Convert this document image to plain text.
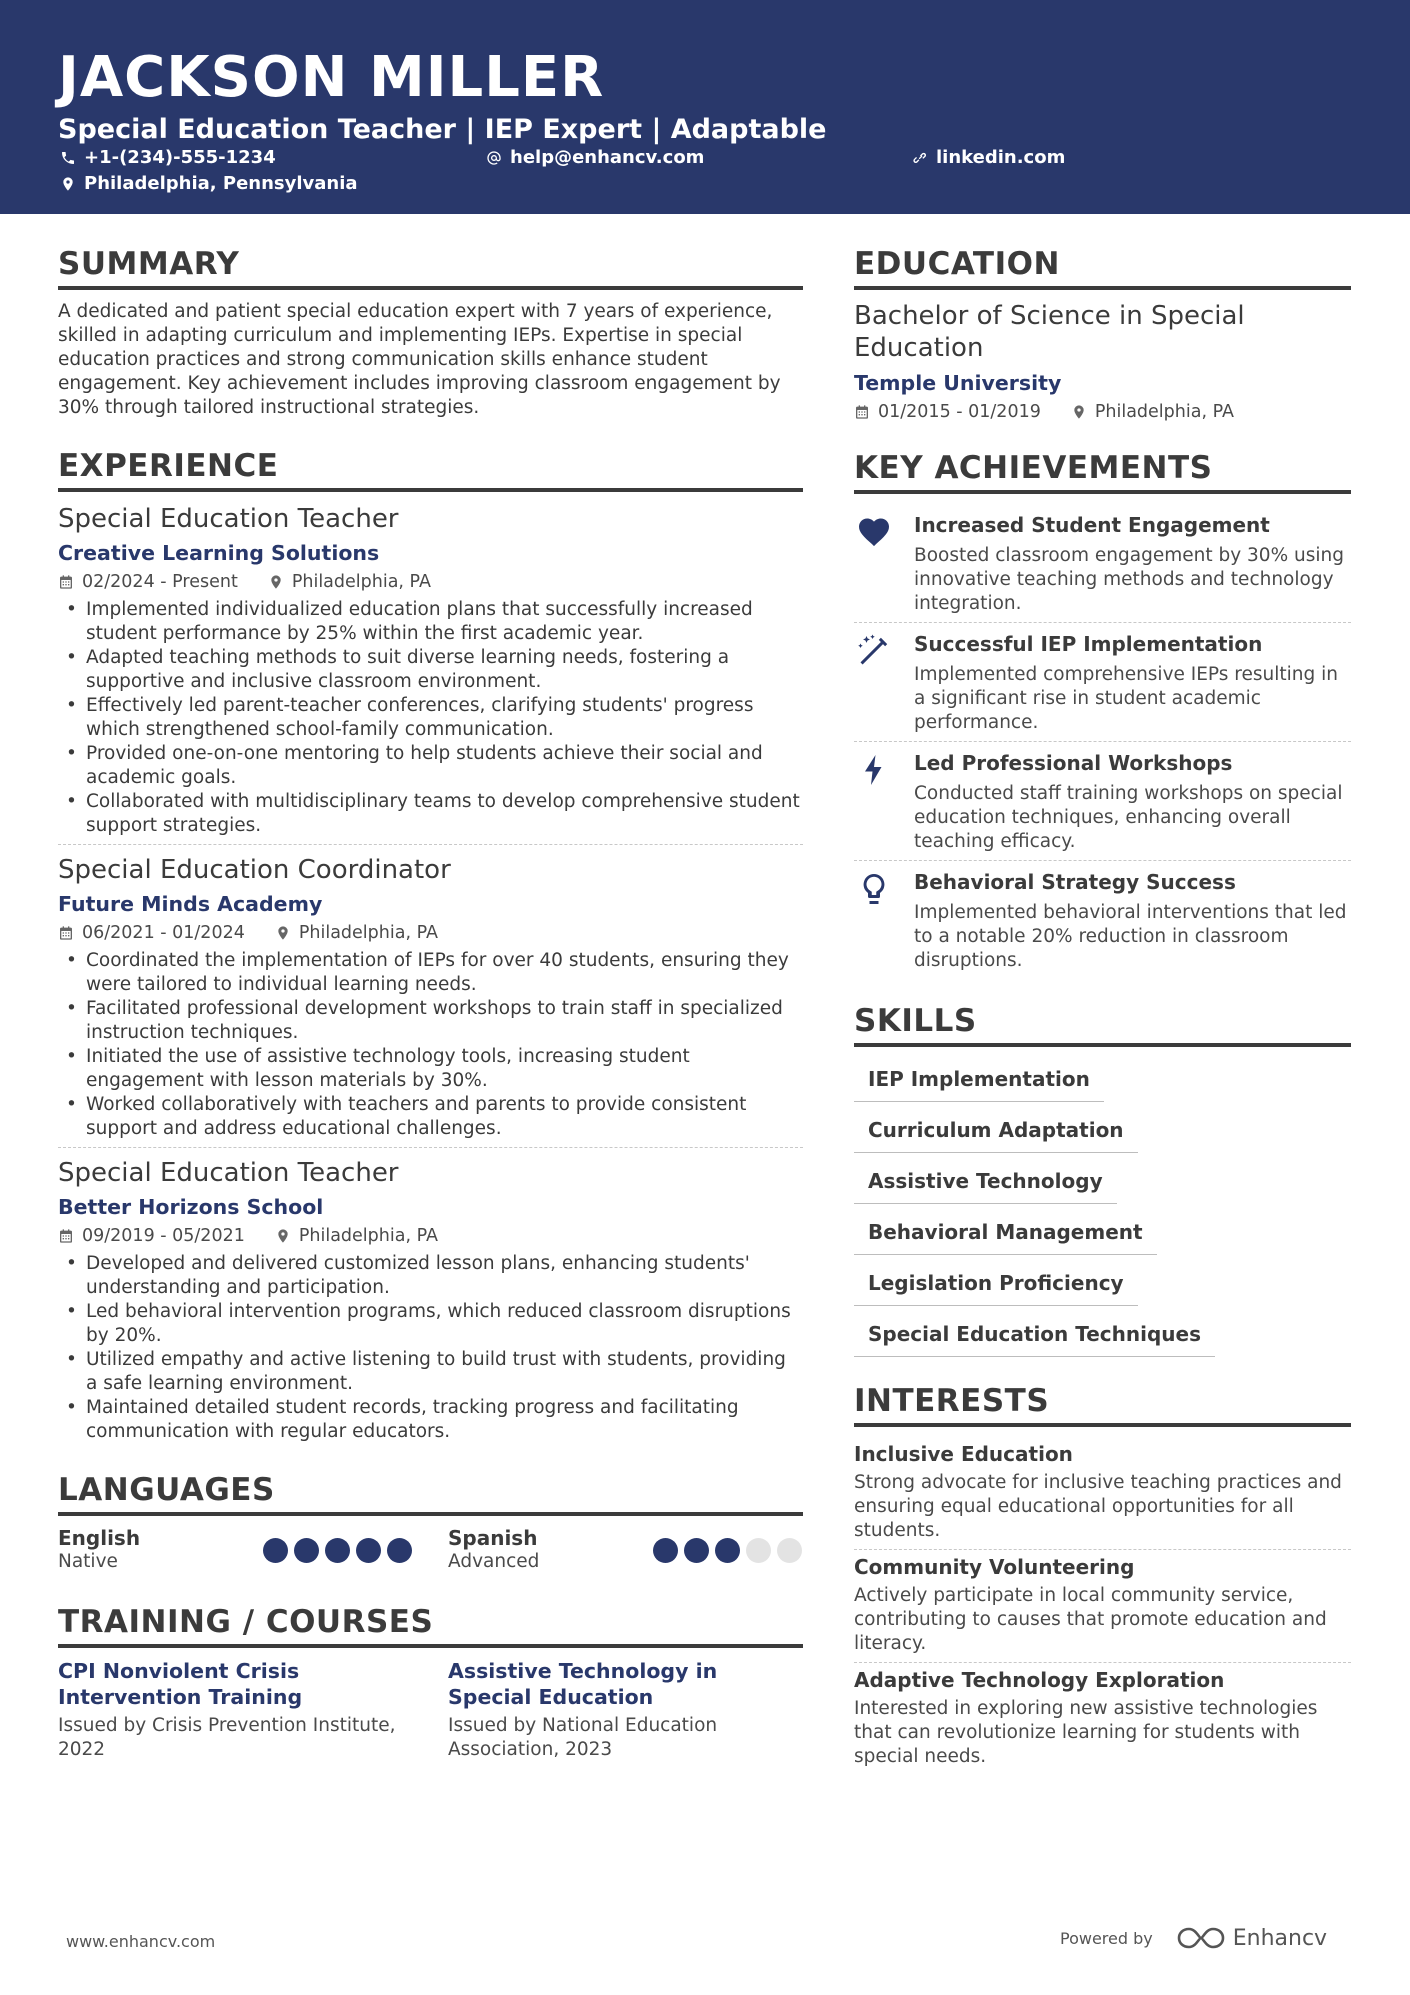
JACKSON MILLER
Special Education Teacher | IEP Expert | Adaptable
+1-(234)-555-1234	help@enhancv.com	linkedin.com
Philadelphia, Pennsylvania
SUMMARY
A dedicated and patient special education expert with 7 years of experience, skilled in adapting curriculum and implementing IEPs. Expertise in special education practices and strong communication skills enhance student engagement. Key achievement includes improving classroom engagement by 30% through tailored instructional strategies.
EXPERIENCE
Special Education Teacher
Creative Learning Solutions
02/2024 - Present	Philadelphia, PA
• Implemented individualized education plans that successfully increased student performance by 25% within the first academic year.
• Adapted teaching methods to suit diverse learning needs, fostering a supportive and inclusive classroom environment.
• Effectively led parent-teacher conferences, clarifying students' progress which strengthened school-family communication.
• Provided one-on-one mentoring to help students achieve their social and academic goals.
• Collaborated with multidisciplinary teams to develop comprehensive student support strategies.
Special Education Coordinator
Future Minds Academy
06/2021 - 01/2024	Philadelphia, PA
• Coordinated the implementation of IEPs for over 40 students, ensuring they were tailored to individual learning needs.
• Facilitated professional development workshops to train staff in specialized instruction techniques.
• Initiated the use of assistive technology tools, increasing student engagement with lesson materials by 30%.
• Worked collaboratively with teachers and parents to provide consistent support and address educational challenges.
Special Education Teacher
Better Horizons School
09/2019 - 05/2021	Philadelphia, PA
• Developed and delivered customized lesson plans, enhancing students' understanding and participation.
• Led behavioral intervention programs, which reduced classroom disruptions by 20%.
• Utilized empathy and active listening to build trust with students, providing a safe learning environment.
• Maintained detailed student records, tracking progress and facilitating communication with regular educators.
LANGUAGES
English
Native
Spanish
Advanced
TRAINING / COURSES
CPI Nonviolent Crisis Intervention Training
Issued by Crisis Prevention Institute, 2022
Assistive Technology in Special Education
Issued by National Education Association, 2023
EDUCATION
Bachelor of Science in Special Education
Temple University
01/2015 - 01/2019	Philadelphia, PA
KEY ACHIEVEMENTS
Increased Student Engagement
Boosted classroom engagement by 30% using innovative teaching methods and technology integration.
Successful IEP Implementation
Implemented comprehensive IEPs resulting in a significant rise in student academic performance.
Led Professional Workshops
Conducted staff training workshops on special education techniques, enhancing overall teaching efficacy.
Behavioral Strategy Success
Implemented behavioral interventions that led to a notable 20% reduction in classroom disruptions.
SKILLS
IEP Implementation
Curriculum Adaptation
Assistive Technology
Behavioral Management
Legislation Proficiency
Special Education Techniques
INTERESTS
Inclusive Education
Strong advocate for inclusive teaching practices and ensuring equal educational opportunities for all students.
Community Volunteering
Actively participate in local community service, contributing to causes that promote education and literacy.
Adaptive Technology Exploration
Interested in exploring new assistive technologies that can revolutionize learning for students with special needs.
www.enhancv.com	Powered by	Enhancv
